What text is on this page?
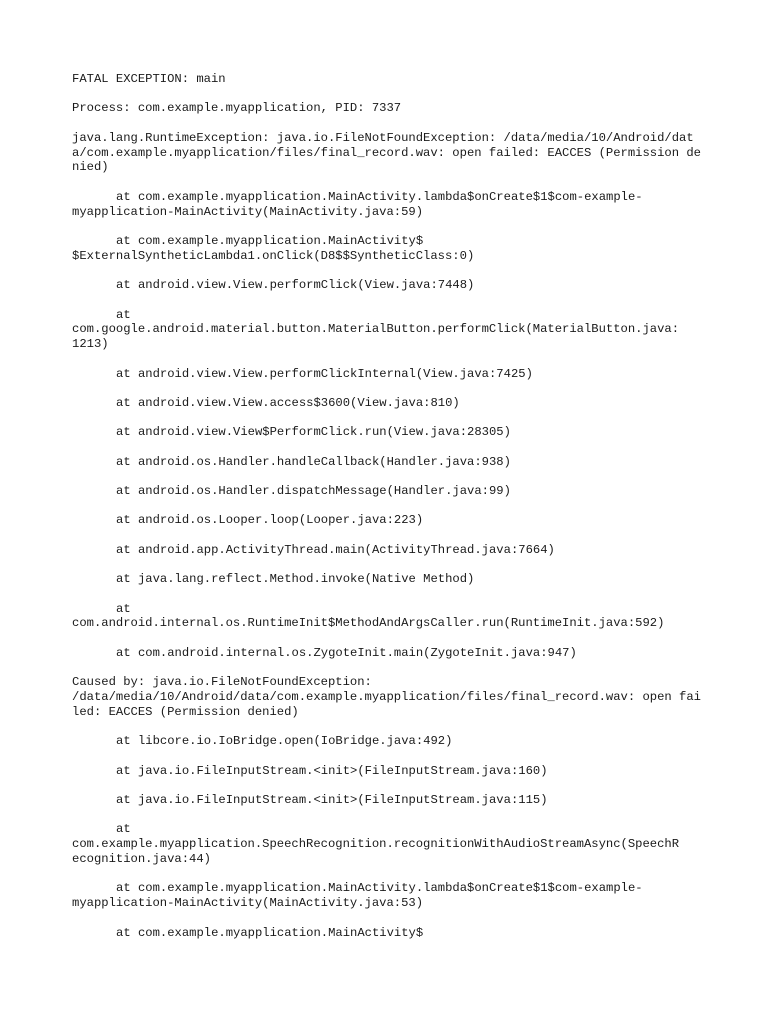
FATAL EXCEPTION: main

Process: com.example.myapplication, PID: 7337

java.lang.RuntimeException: java.io.FileNotFoundException: /data/media/10/Android/data/com.example.myapplication/files/final_record.wav: open failed: EACCES (Permission denied)

at com.example.myapplication.MainActivity.lambda$onCreate$1$com-example-
myapplication-MainActivity(MainActivity.java:59)

at com.example.myapplication.MainActivity$
$ExternalSyntheticLambda1.onClick(D8$$SyntheticClass:0)

at android.view.View.performClick(View.java:7448)

at
com.google.android.material.button.MaterialButton.performClick(MaterialButton.java:
1213)

at android.view.View.performClickInternal(View.java:7425)

at android.view.View.access$3600(View.java:810)

at android.view.View$PerformClick.run(View.java:28305)

at android.os.Handler.handleCallback(Handler.java:938)

at android.os.Handler.dispatchMessage(Handler.java:99)

at android.os.Looper.loop(Looper.java:223)

at android.app.ActivityThread.main(ActivityThread.java:7664)

at java.lang.reflect.Method.invoke(Native Method)

at
com.android.internal.os.RuntimeInit$MethodAndArgsCaller.run(RuntimeInit.java:592)

at com.android.internal.os.ZygoteInit.main(ZygoteInit.java:947)

Caused by: java.io.FileNotFoundException:
/data/media/10/Android/data/com.example.myapplication/files/final_record.wav: open failed: EACCES (Permission denied)

at libcore.io.IoBridge.open(IoBridge.java:492)

at java.io.FileInputStream.<init>(FileInputStream.java:160)

at java.io.FileInputStream.<init>(FileInputStream.java:115)

at
com.example.myapplication.SpeechRecognition.recognitionWithAudioStreamAsync(SpeechR
ecognition.java:44)

at com.example.myapplication.MainActivity.lambda$onCreate$1$com-example-
myapplication-MainActivity(MainActivity.java:53)

at com.example.myapplication.MainActivity$
